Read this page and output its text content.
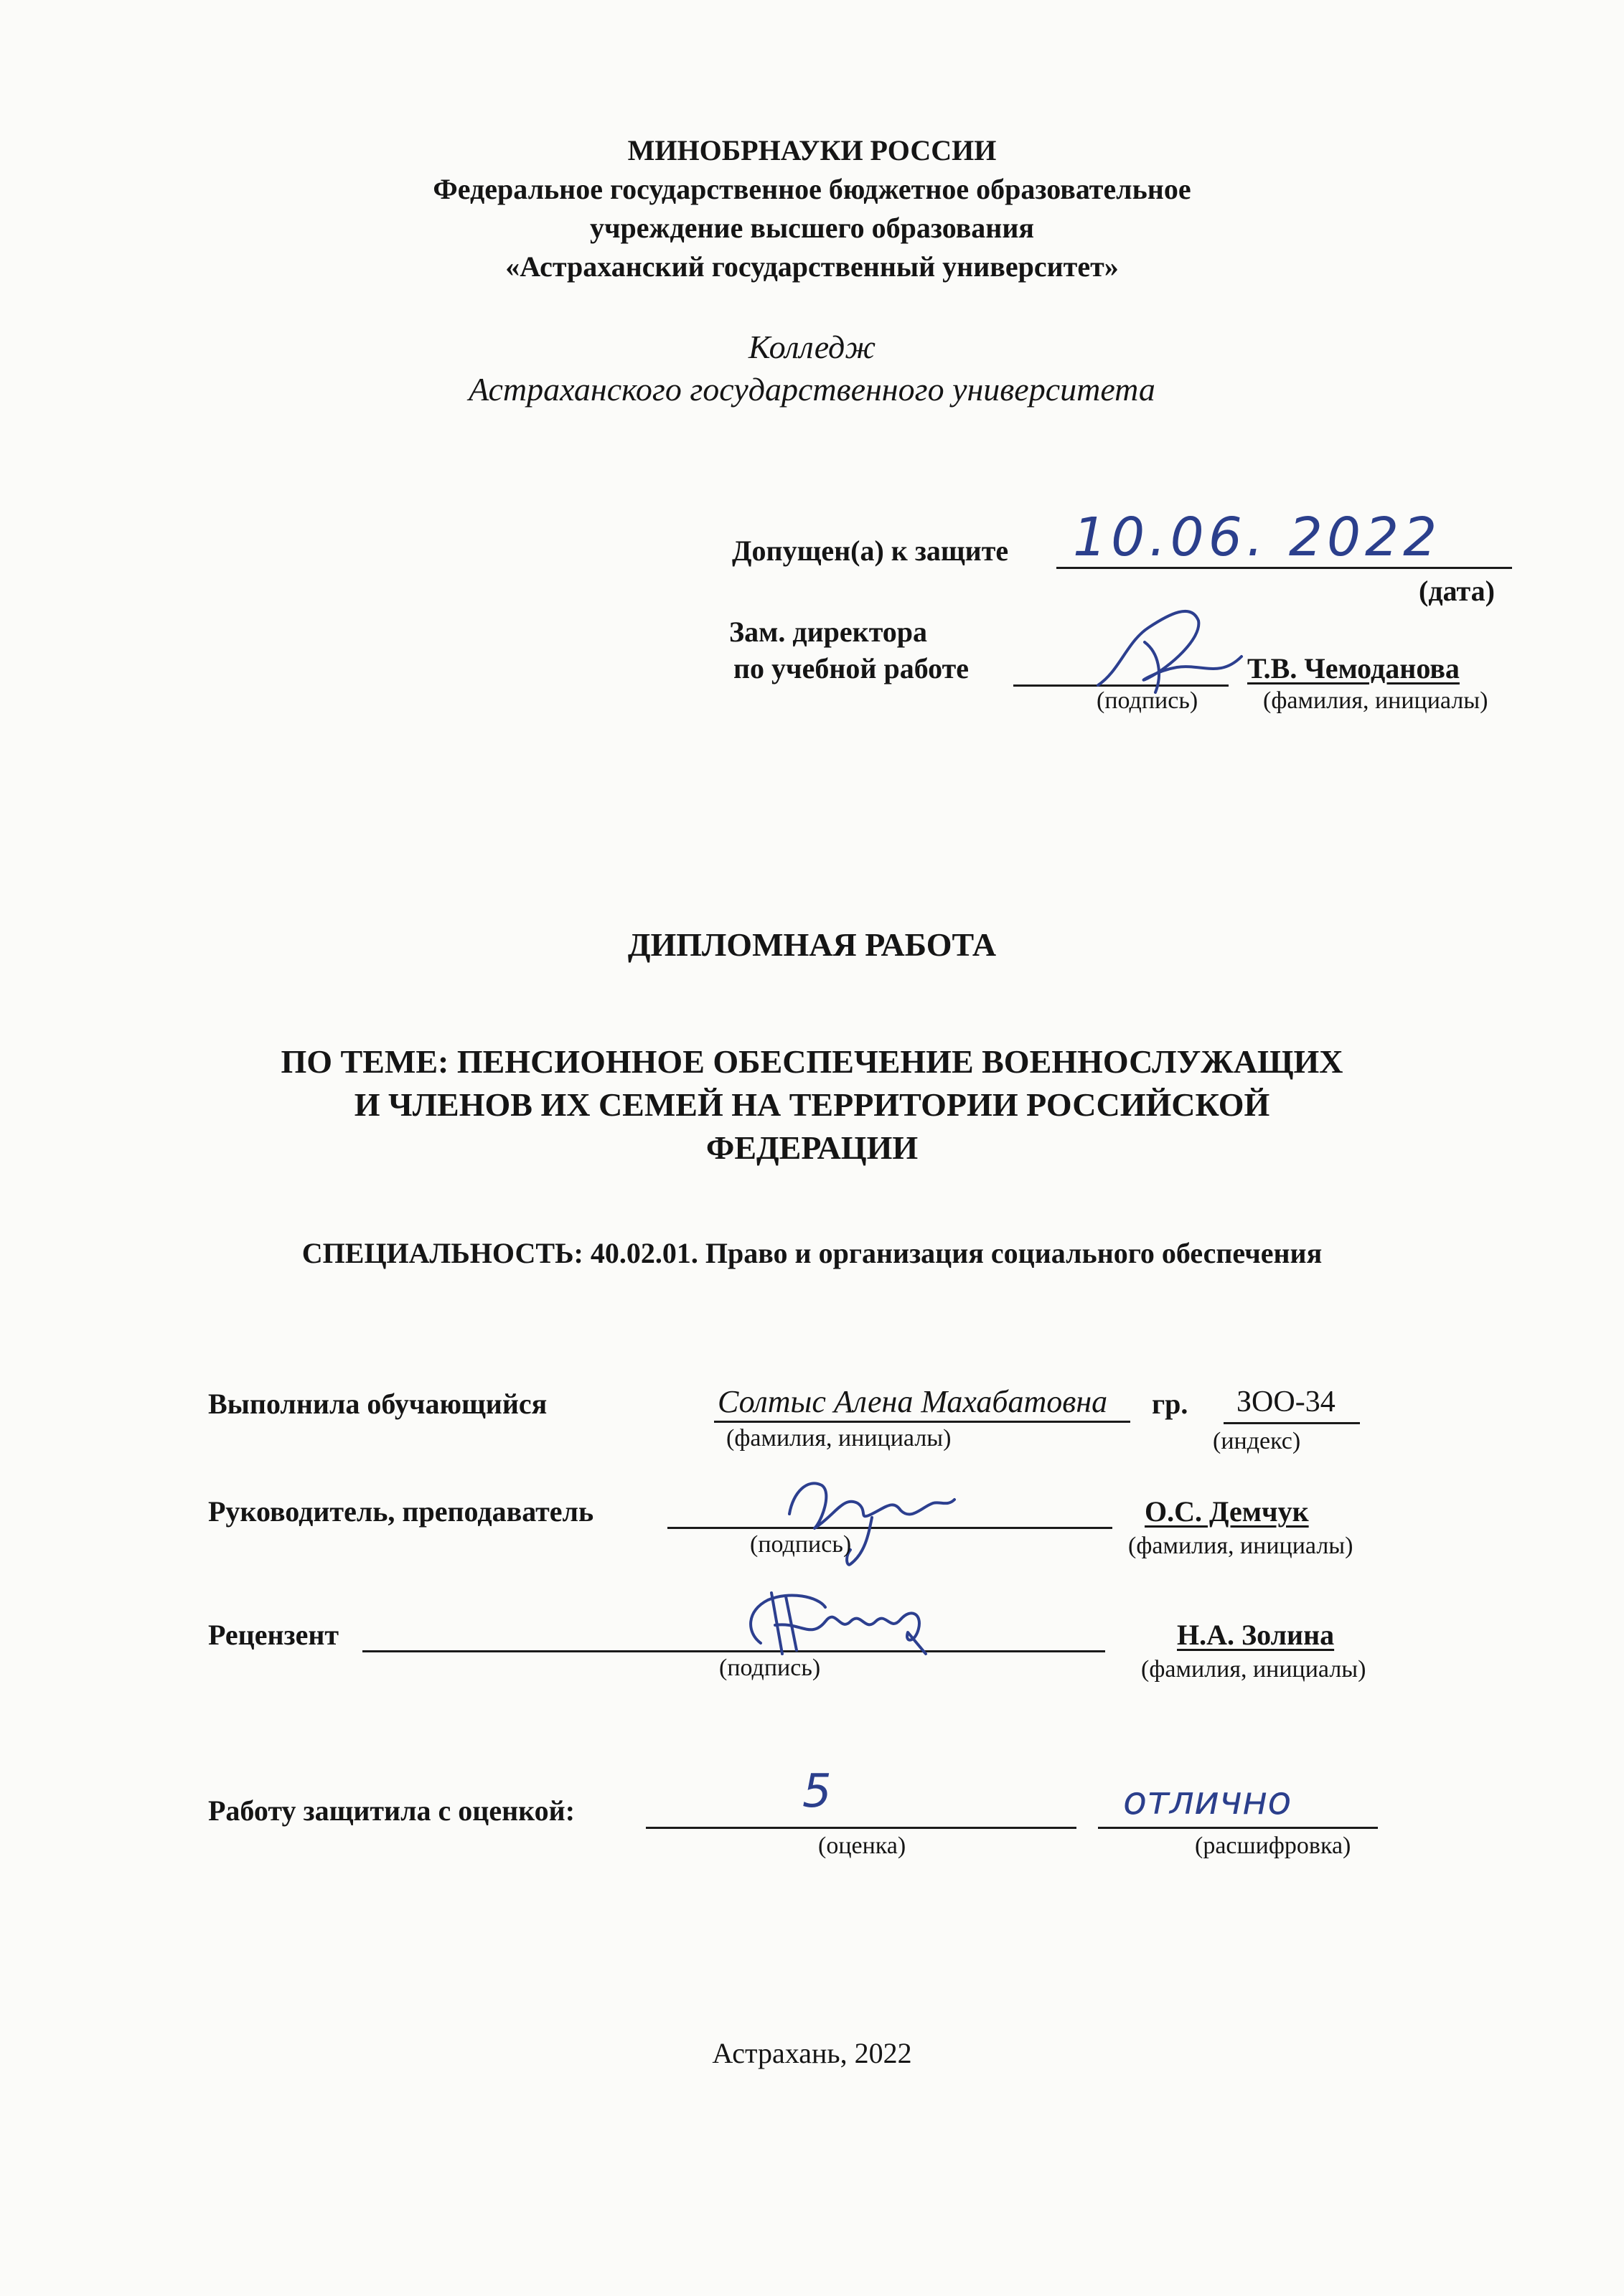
МИНОБРНАУКИ РОССИИ
Федеральное государственное бюджетное образовательное
учреждение высшего образования
«Астраханский государственный университет»
Колледж
Астраханского государственного университета
Допущен(а) к защите 10.06. 2022
(дата)
Зам. директора
по учебной работе
(подпись)
Т.В. Чемоданова
(фамилия, инициалы)
ДИПЛОМНАЯ РАБОТА
ПО ТЕМЕ: ПЕНСИОННОЕ ОБЕСПЕЧЕНИЕ ВОЕННОСЛУЖАЩИХ
И ЧЛЕНОВ ИХ СЕМЕЙ НА ТЕРРИТОРИИ РОССИЙСКОЙ
ФЕДЕРАЦИИ
СПЕЦИАЛЬНОСТЬ: 40.02.01. Право и организация социального обеспечения
Выполнила обучающийся	Солтыс Алена Махабатовна
(фамилия, инициалы)
гр. ЗОО-34
(индекс)
Руководитель, преподаватель
(подпись)
О.С. Демчук
(фамилия, инициалы)
Рецензент
(подпись)
Н.А. Золина
(фамилия, инициалы)
Работу защитила с оценкой:	5
(оценка)
отлично
(расшифровка)
Астрахань, 2022
